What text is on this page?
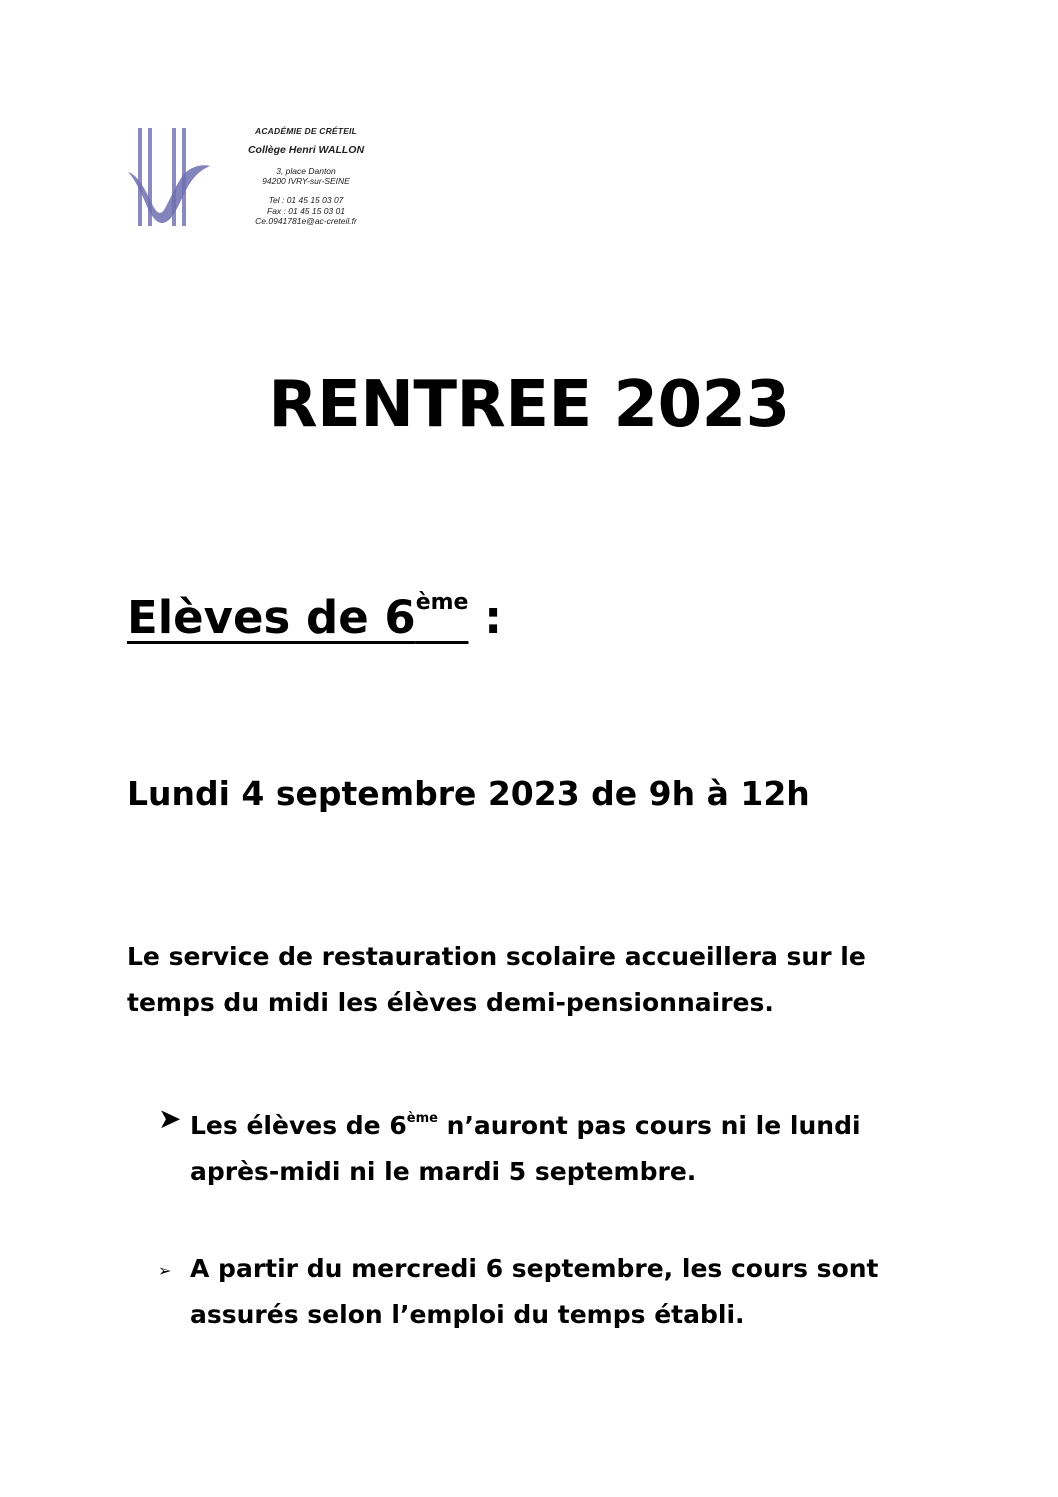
ACADÉMIE DE CRÉTEIL
Collège Henri WALLON
3, place Danton
94200 IVRY-sur-SEINE
Tel : 01 45 15 03 07
Fax : 01 45 15 03 01
Ce.0941781e@ac-creteil.fr
RENTREE 2023
Elèves de 6ème :
Lundi 4 septembre 2023 de 9h à 12h
Le service de restauration scolaire accueillera sur le temps du midi les élèves demi-pensionnaires.
➤ Les élèves de 6ème n’auront pas cours ni le lundi après-midi ni le mardi 5 septembre.
➢ A partir du mercredi 6 septembre, les cours sont assurés selon l’emploi du temps établi.
